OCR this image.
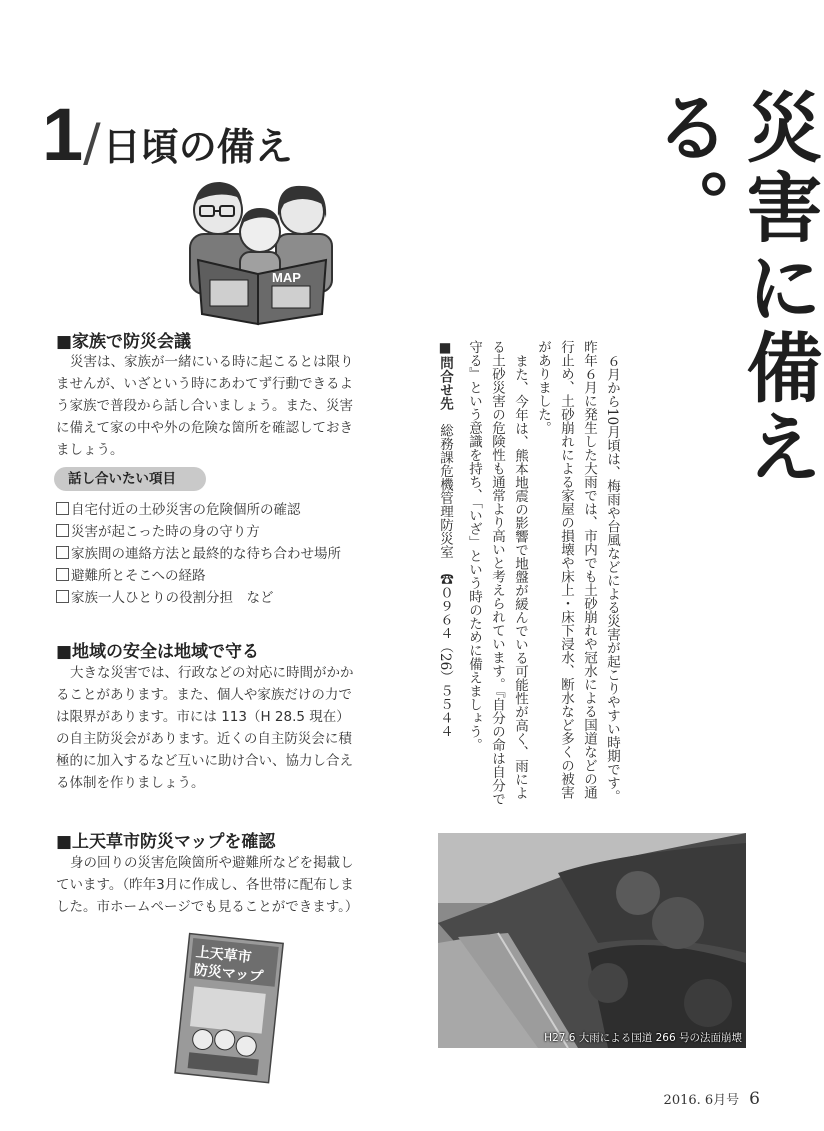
1/日頃の備え
MAP
■家族で防災会議

災害は、家族が一緒にいる時に起こるとは限りませんが、いざという時にあわてず行動できるよう家族で普段から話し合いましょう。また、災害に備えて家の中や外の危険な箇所を確認しておきましょう。

話し合いたい項目
自宅付近の土砂災害の危険個所の確認
災害が起こった時の身の守り方
家族間の連絡方法と最終的な待ち合わせ場所
避難所とそこへの経路
家族一人ひとりの役割分担　など
■地域の安全は地域で守る

大きな災害では、行政などの対応に時間がかかることがあります。また、個人や家族だけの力では限界があります。市には 113（H 28.5 現在）の自主防災会があります。近くの自主防災会に積極的に加入するなど互いに助け合い、協力し合える体制を作りましょう。

■上天草市防災マップを確認

身の回りの災害危険箇所や避難所などを掲載しています。（昨年3月に作成し、各世帯に配布しました。市ホームページでも見ることができます。）

上天草市
防災マップ
災害に備える。

６月から10月頃は、梅雨や台風などによる災害が起こりやすい時期です。昨年６月に発生した大雨では、市内でも土砂崩れや冠水による国道などの通行止め、土砂崩れによる家屋の損壊や床上・床下浸水、断水など多くの被害がありました。

また、今年は、熊本地震の影響で地盤が緩んでいる可能性が高く、雨による土砂災害の危険性も通常より高いと考えられています。『自分の命は自分で守る』という意識を持ち、「いざ」という時のために備えましょう。

■問合せ先　総務課危機管理防災室　☎０９６４（26）５５４４

H27.6 大雨による国道 266 号の法面崩壊
2016. 6月号 6
